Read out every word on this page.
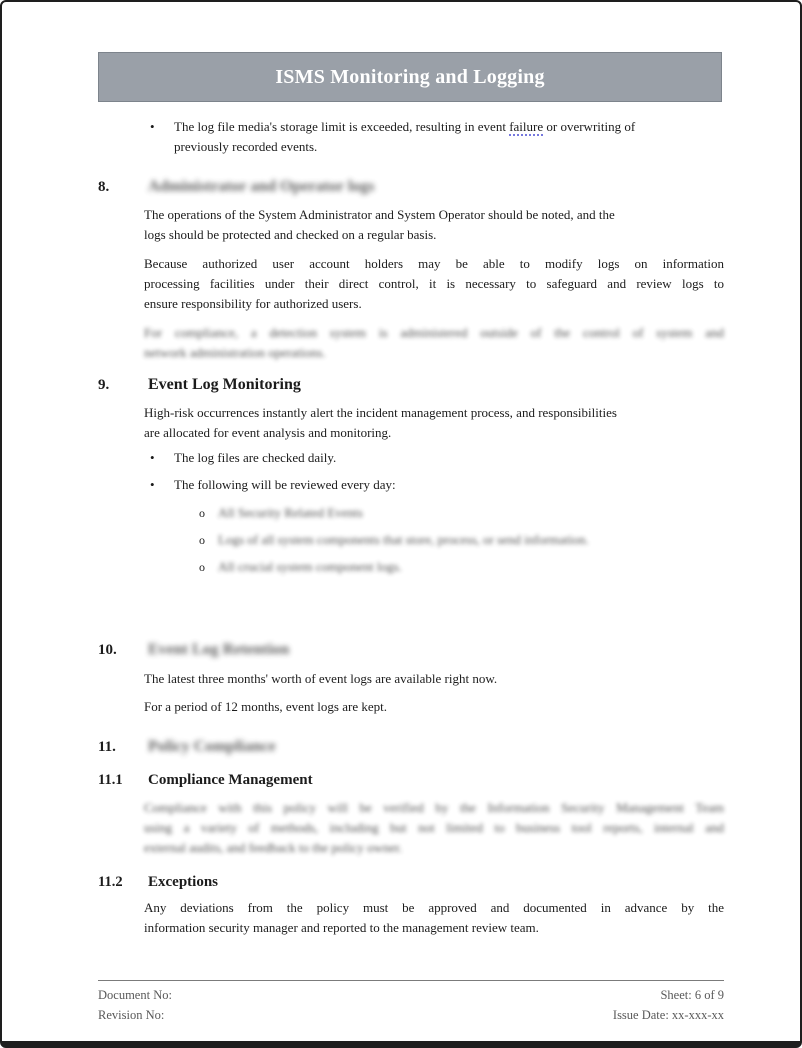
ISMS Monitoring and Logging
•	The log file media's storage limit is exceeded, resulting in event failure or overwriting of
previously recorded events.
8.	Administrator and Operator logs
The operations of the System Administrator and System Operator should be noted, and the
logs should be protected and checked on a regular basis.
Because authorized user account holders may be able to modify logs on information
processing facilities under their direct control, it is necessary to safeguard and review logs to
ensure responsibility for authorized users.
For compliance, a detection system is administered outside of the control of system and
network administration operations.
9.	Event Log Monitoring
High-risk occurrences instantly alert the incident management process, and responsibilities
are allocated for event analysis and monitoring.
•	The log files are checked daily.
•	The following will be reviewed every day:
o	All Security Related Events
o	Logs of all system components that store, process, or send information.
o	All crucial system component logs.
10.	Event Log Retention
The latest three months' worth of event logs are available right now.
For a period of 12 months, event logs are kept.
11.	Policy Compliance
11.1	Compliance Management
Compliance with this policy will be verified by the Information Security Management Team
using a variety of methods, including but not limited to business tool reports, internal and
external audits, and feedback to the policy owner.
11.2	Exceptions
Any deviations from the policy must be approved and documented in advance by the
information security manager and reported to the management review team.
Document No:
Revision No:
Sheet: 6 of 9
Issue Date: xx-xxx-xx
